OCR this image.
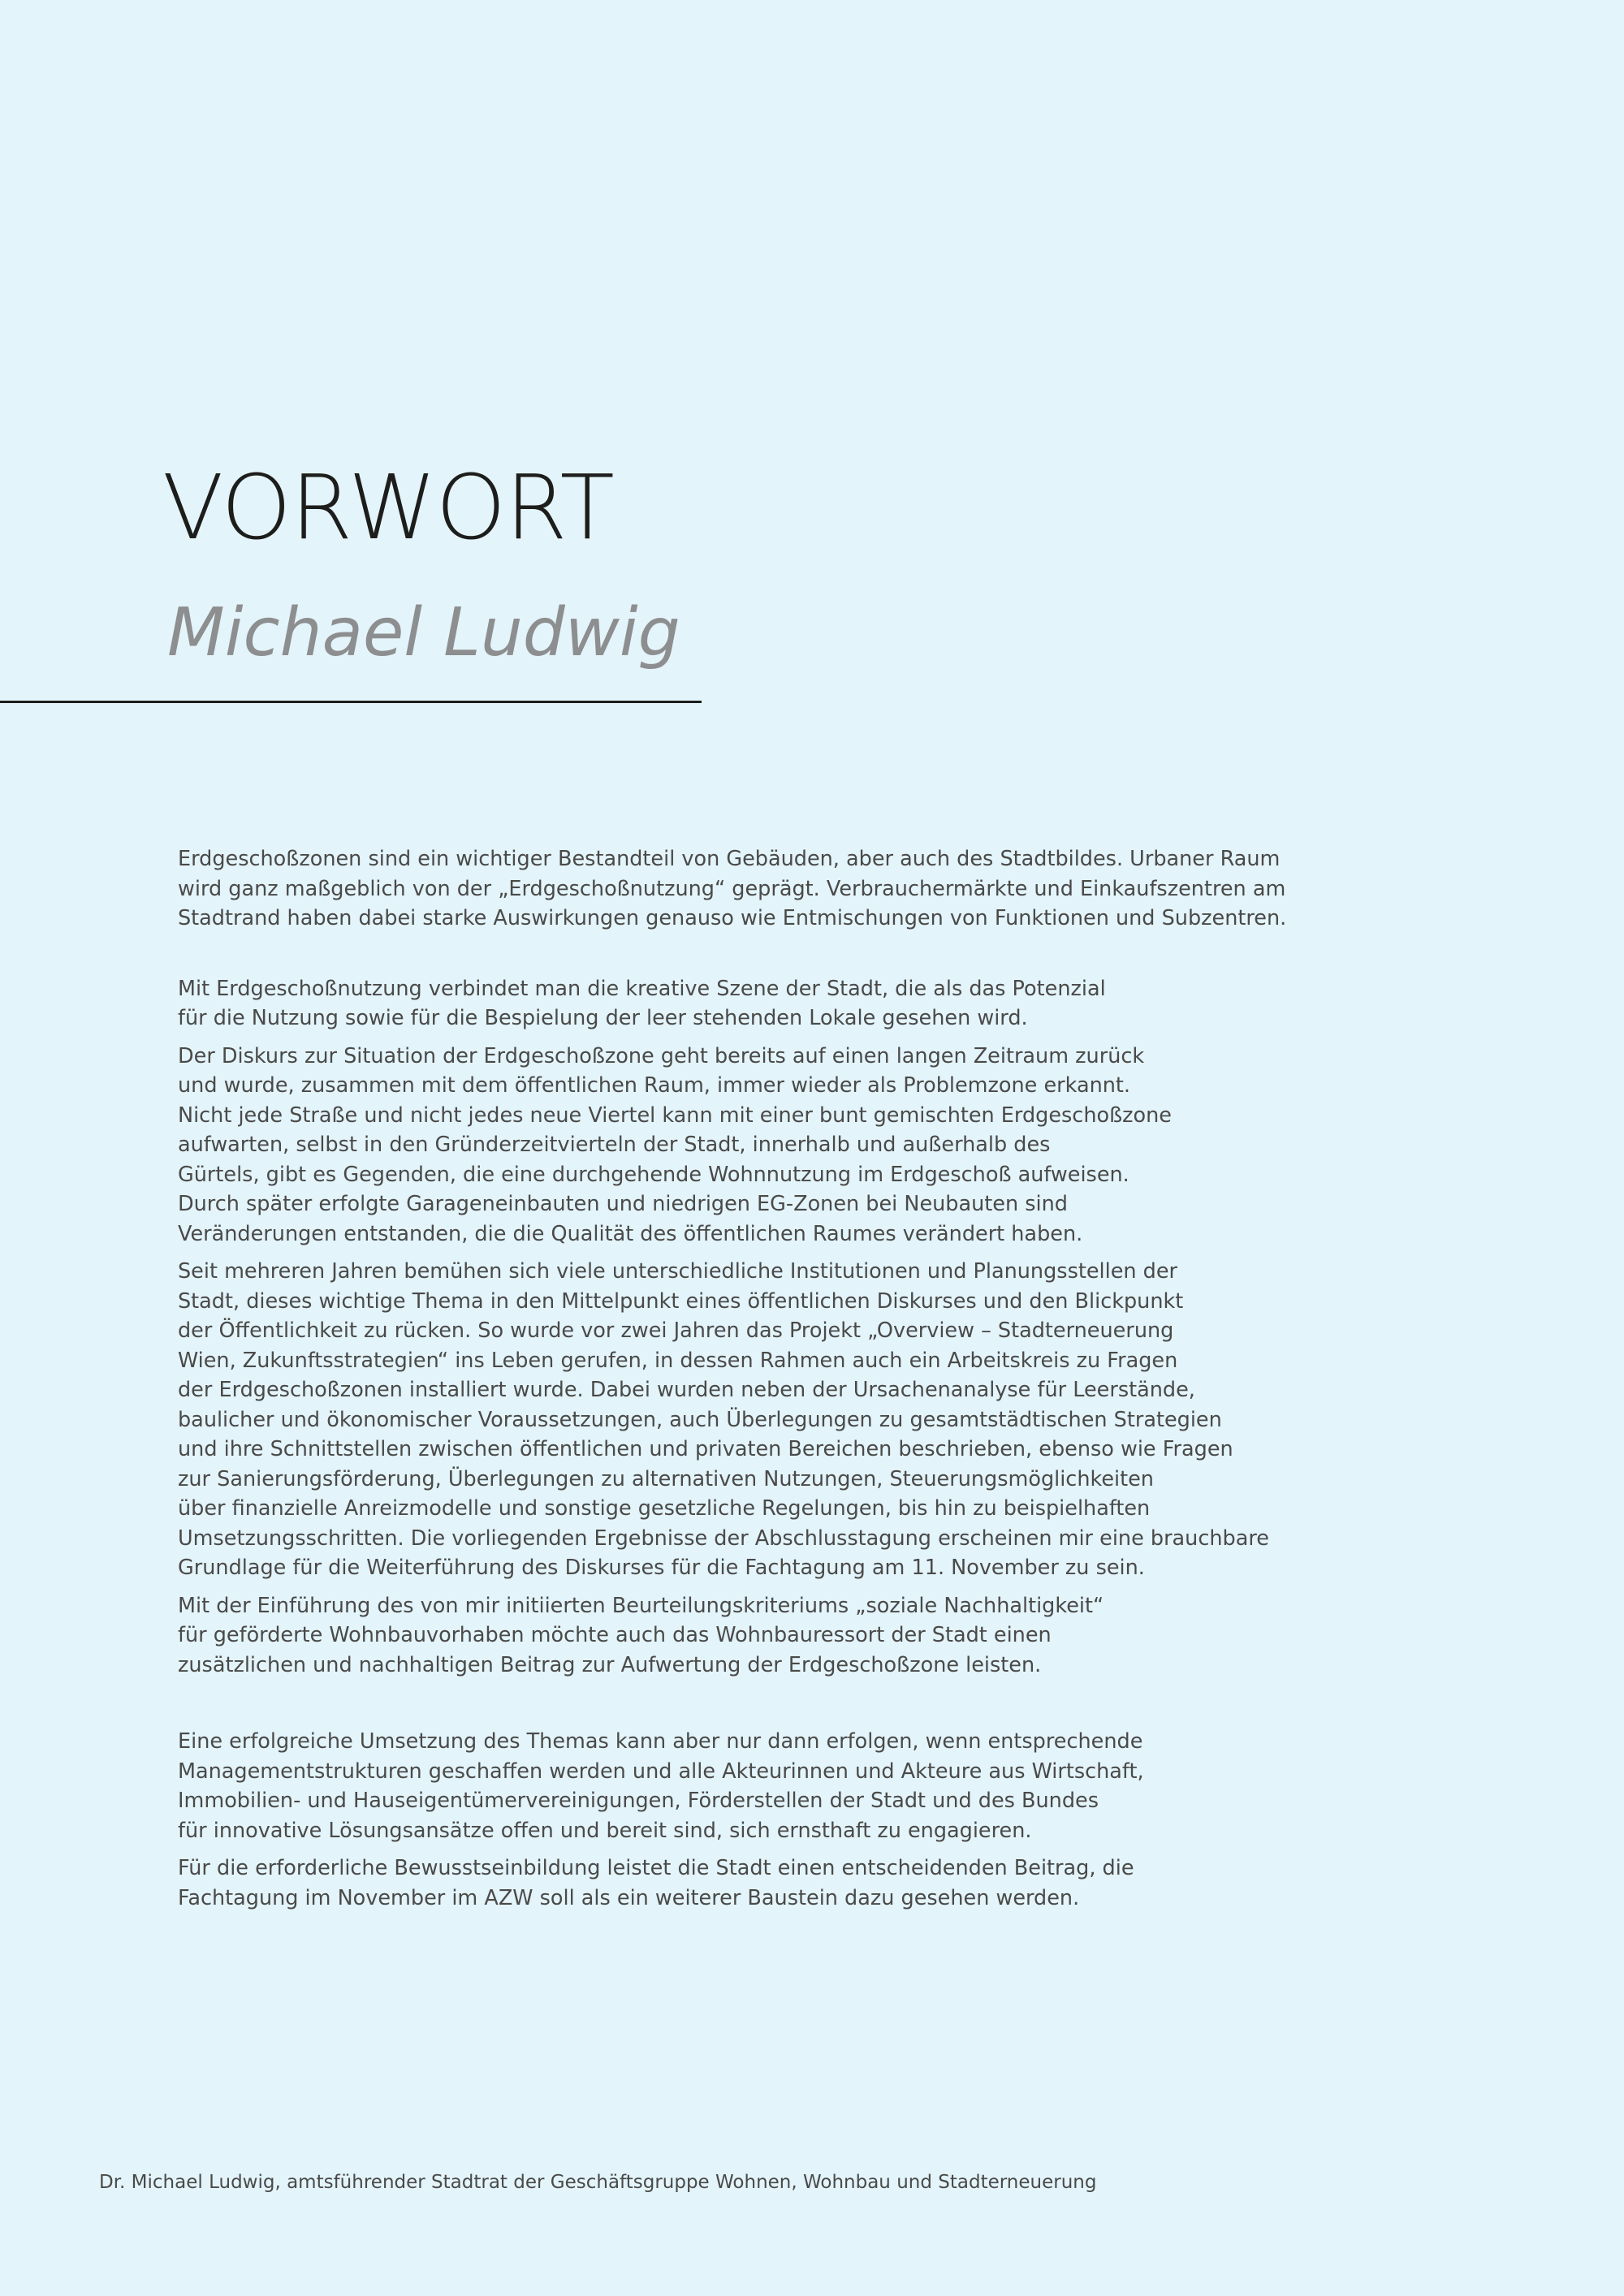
VORWORT
Michael Ludwig

Erdgeschoßzonen sind ein wichtiger Bestandteil von Gebäuden, aber auch des Stadtbildes. Urbaner Raum
wird ganz maßgeblich von der „Erdgeschoßnutzung“ geprägt. Verbrauchermärkte und Einkaufszentren am
Stadtrand haben dabei starke Auswirkungen genauso wie Entmischungen von Funktionen und Subzentren.

Mit Erdgeschoßnutzung verbindet man die kreative Szene der Stadt, die als das Potenzial
für die Nutzung sowie für die Bespielung der leer stehenden Lokale gesehen wird.

Der Diskurs zur Situation der Erdgeschoßzone geht bereits auf einen langen Zeitraum zurück
und wurde, zusammen mit dem öffentlichen Raum, immer wieder als Problemzone erkannt.
Nicht jede Straße und nicht jedes neue Viertel kann mit einer bunt gemischten Erdgeschoßzone
aufwarten, selbst in den Gründerzeitvierteln der Stadt, innerhalb und außerhalb des
Gürtels, gibt es Gegenden, die eine durchgehende Wohnnutzung im Erdgeschoß aufweisen.
Durch später erfolgte Garageneinbauten und niedrigen EG-Zonen bei Neubauten sind
Veränderungen entstanden, die die Qualität des öffentlichen Raumes verändert haben.

Seit mehreren Jahren bemühen sich viele unterschiedliche Institutionen und Planungsstellen der
Stadt, dieses wichtige Thema in den Mittelpunkt eines öffentlichen Diskurses und den Blickpunkt
der Öffentlichkeit zu rücken. So wurde vor zwei Jahren das Projekt „Overview – Stadterneuerung
Wien, Zukunftsstrategien“ ins Leben gerufen, in dessen Rahmen auch ein Arbeitskreis zu Fragen
der Erdgeschoßzonen installiert wurde. Dabei wurden neben der Ursachenanalyse für Leerstände,
baulicher und ökonomischer Voraussetzungen, auch Überlegungen zu gesamtstädtischen Strategien
und ihre Schnittstellen zwischen öffentlichen und privaten Bereichen beschrieben, ebenso wie Fragen
zur Sanierungsförderung, Überlegungen zu alternativen Nutzungen, Steuerungsmöglichkeiten
über finanzielle Anreizmodelle und sonstige gesetzliche Regelungen, bis hin zu beispielhaften
Umsetzungsschritten. Die vorliegenden Ergebnisse der Abschlusstagung erscheinen mir eine brauchbare
Grundlage für die Weiterführung des Diskurses für die Fachtagung am 11. November zu sein.

Mit der Einführung des von mir initiierten Beurteilungskriteriums „soziale Nachhaltigkeit“
für geförderte Wohnbauvorhaben möchte auch das Wohnbauressort der Stadt einen
zusätzlichen und nachhaltigen Beitrag zur Aufwertung der Erdgeschoßzone leisten.

Eine erfolgreiche Umsetzung des Themas kann aber nur dann erfolgen, wenn entsprechende
Managementstrukturen geschaffen werden und alle Akteurinnen und Akteure aus Wirtschaft,
Immobilien- und Hauseigentümervereinigungen, Förderstellen der Stadt und des Bundes
für innovative Lösungsansätze offen und bereit sind, sich ernsthaft zu engagieren.

Für die erforderliche Bewusstseinbildung leistet die Stadt einen entscheidenden Beitrag, die
Fachtagung im November im AZW soll als ein weiterer Baustein dazu gesehen werden.

Dr. Michael Ludwig, amtsführender Stadtrat der Geschäftsgruppe Wohnen, Wohnbau und Stadterneuerung
